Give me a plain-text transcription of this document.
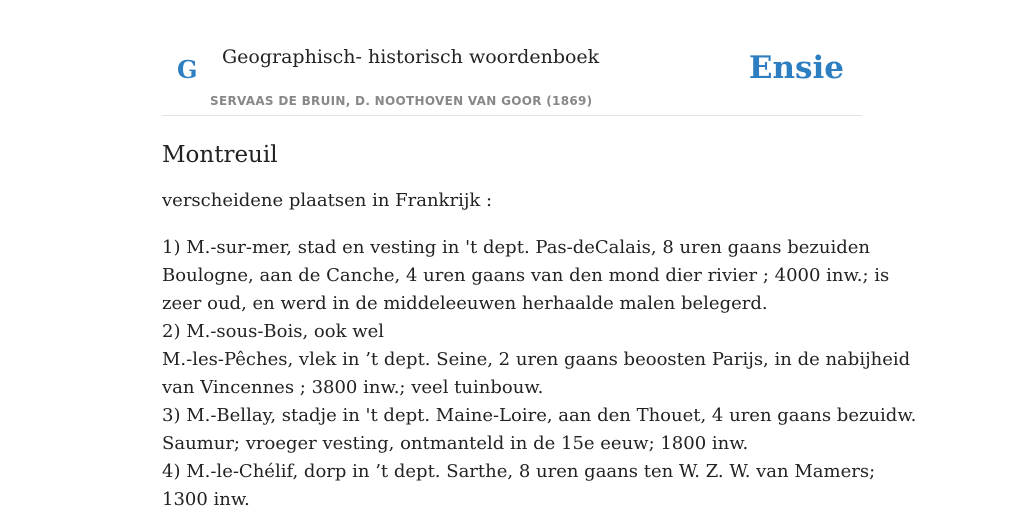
G Geographisch- historisch woordenboek
SERVAAS DE BRUIN, D. NOOTHOVEN VAN GOOR (1869)
Ensie
Montreuil

verscheidene plaatsen in Frankrijk :

1) M.-sur-mer, stad en vesting in 't dept. Pas-deCalais, 8 uren gaans bezuiden
Boulogne, aan de Canche, 4 uren gaans van den mond dier rivier ; 4000 inw.; is
zeer oud, en werd in de middeleeuwen herhaalde malen belegerd.
2) M.-sous-Bois, ook wel
M.-les-Pêches, vlek in ’t dept. Seine, 2 uren gaans beoosten Parijs, in de nabijheid
van Vincennes ; 3800 inw.; veel tuinbouw.
3) M.-Bellay, stadje in 't dept. Maine-Loire, aan den Thouet, 4 uren gaans bezuidw.
Saumur; vroeger vesting, ontmanteld in de 15e eeuw; 1800 inw.
4) M.-le-Chélif, dorp in ’t dept. Sarthe, 8 uren gaans ten W. Z. W. van Mamers;
1300 inw.
